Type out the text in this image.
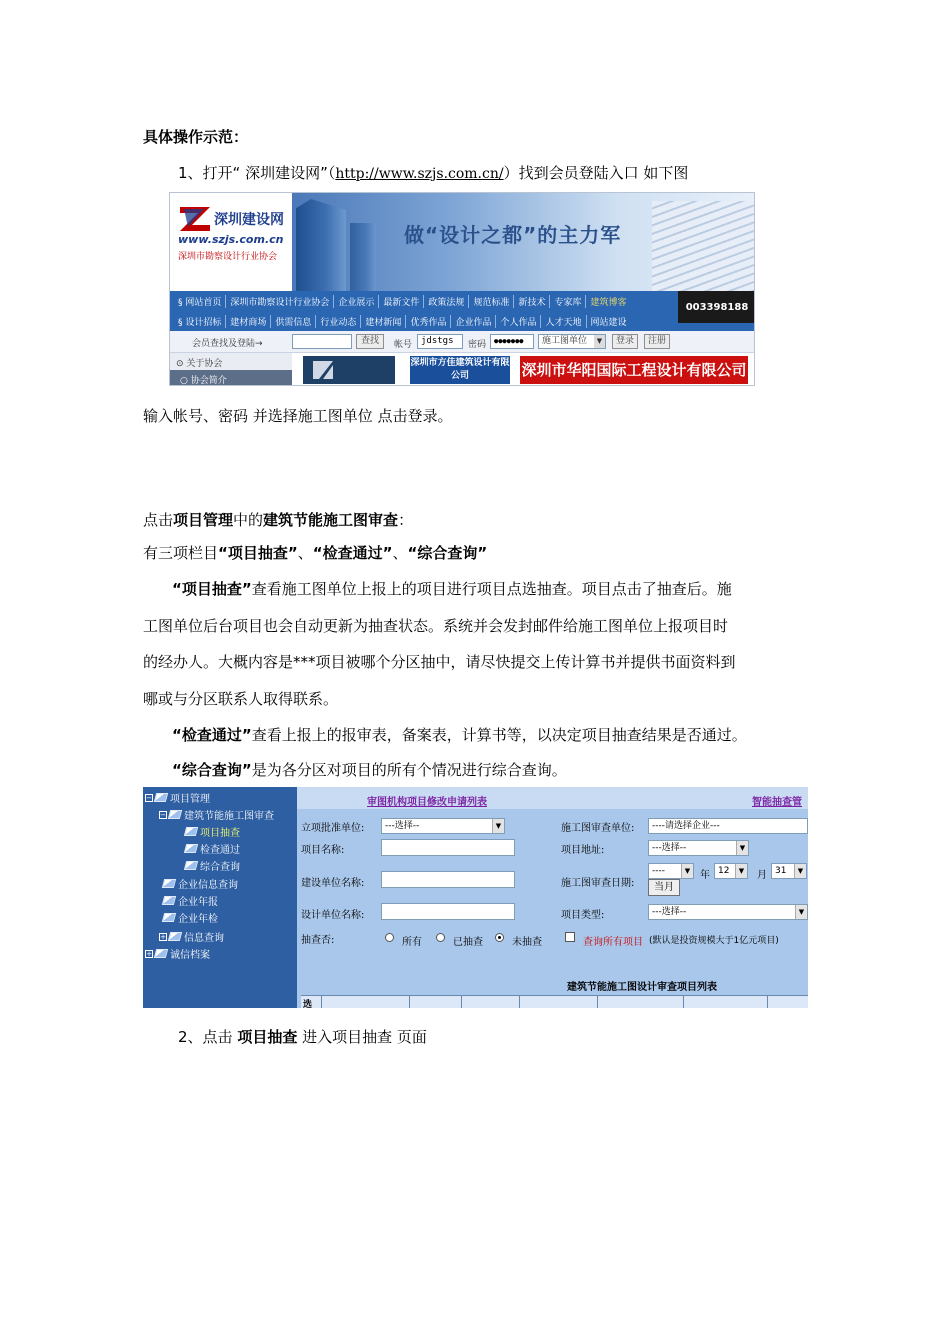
具体操作示范：
1、打开“ 深圳建设网”（http://www.szjs.com.cn/）找到会员登陆入口 如下图
深圳建设网
www.szjs.com.cn
深圳市勘察设计行业协会
做“设计之都”的主力军
§ 网站首页	深圳市勘察设计行业协会	企业展示	最新文件	政策法规	规范标准	新技术	专家库	建筑博客
§ 设计招标	建材商场	供需信息	行业动态	建材新闻	优秀作品	企业作品	个人作品	人才天地	网站建设
003398188
会员查找及登陆→	查找	帐号 jdstgs	密码	●●●●●●●	施工图单位	▼	登录	注册
⊙ 关于协会
○ 协会简介
深圳市方佳建筑设计有限公司	深圳市华阳国际工程设计有限公司
输入帐号、密码 并选择施工图单位 点击登录。
点击项目管理中的建筑节能施工图审查：
有三项栏目“项目抽查”、“检查通过”、“综合查询”
“项目抽查”查看施工图单位上报上的项目进行项目点选抽查。项目点击了抽查后。施
工图单位后台项目也会自动更新为抽查状态。系统并会发封邮件给施工图单位上报项目时
的经办人。大概内容是***项目被哪个分区抽中，请尽快提交上传计算书并提供书面资料到
哪或与分区联系人取得联系。
“检查通过”查看上报上的报审表，备案表，计算书等，以决定项目抽查结果是否通过。
“综合查询”是为各分区对项目的所有个情况进行综合查询。
− 项目管理
− 建筑节能施工图审查
项目抽查
检查通过
综合查询
企业信息查询
企业年报
企业年检
+ 信息查询
+ 诚信档案
审图机构项目修改申请列表	智能抽查管
立项批准单位:	---选择--	▼	施工图审查单位:	----请选择企业---
项目名称:	项目地址:	---选择--	▼
建设单位名称:	施工图审查日期:
----	▼ 年 12	▼ 月 31	▼
当月
设计单位名称:	项目类型:	---选择--	▼
抽查否:	所有	已抽查	未抽查	查询所有项目 (默认是投资规模大于1亿元项目)
建筑节能施工图设计审查项目列表
选
2、点击 项目抽查 进入项目抽查 页面
